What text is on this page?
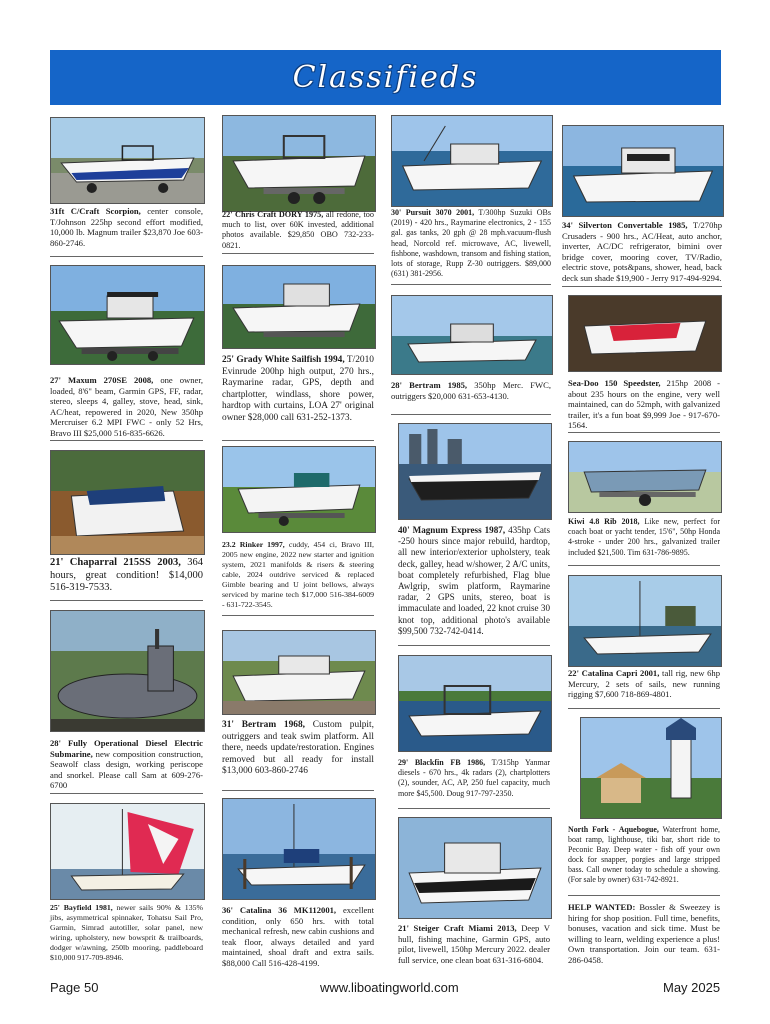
Classifieds
31ft C/Craft Scorpion, center console, T/Johnson 225hp second effort modified, 10,000 lb. Magnum trailer $23,870 Joe 603-860-2746.
27' Maxum 270SE 2008, one owner, loaded, 8'6" beam, Garmin GPS, FF, radar, stereo, sleeps 4, galley, stove, head, sink, AC/heat, repowered in 2020, New 350hp Mercruiser 6.2 MPI FWC - only 52 Hrs, Bravo III $25,000 516-835-6626.
21' Chaparral 215SS 2003, 364 hours, great condition! $14,000 516-319-7533.
28' Fully Operational Diesel Electric Submarine, new composition construction, Seawolf class design, working periscope and snorkel. Please call Sam at 609-276-6700
25' Bayfield 1981, newer sails 90% & 135% jibs, asymmetrical spinnaker, Tohatsu Sail Pro, Garmin, Simrad autotiller, solar panel, new wiring, upholstery, new bowsprit & trailboards, dodger w/awning, 250lb mooring, paddleboard $10,000 917-709-8946.
22' Chris Craft DORY 1975, all redone, too much to list, over 60K invested, additional photos available. $29,850 OBO 732-233-0821.
25' Grady White Sailfish 1994, T/2010 Evinrude 200hp high output, 270 hrs., Raymarine radar, GPS, depth and chartplotter, windlass, shore power, hardtop with curtains, LOA 27' original owner $28,000 call 631-252-1373.
23.2 Rinker 1997, cuddy, 454 ci, Bravo III, 2005 new engine, 2022 new starter and ignition system, 2021 manifolds & risers & steering cable, 2024 outdrive serviced & replaced Gimble bearing and U joint bellows, always serviced by marine tech $17,000 516-384-6009 - 631-722-3545.
31' Bertram 1968, Custom pulpit, outriggers and teak swim platform. All there, needs update/restoration. Engines removed but all ready for install $13,000 603-860-2746
36' Catalina 36 MK112001, excellent condition, only 650 hrs. with total mechanical refresh, new cabin cushions and teak floor, always detailed and yard maintained, shoal draft and extra sails. $88,000 Call 516-428-4199.
30' Pursuit 3070 2001, T/300hp Suzuki OBs (2019) - 420 hrs., Raymarine electronics, 2 - 155 gal. gas tanks, 20 gph @ 28 mph.vacuum-flush head, Norcold ref. microwave, AC, livewell, fishbone, washdown, transom and fishing station, lots of storage, Rupp Z-30 outriggers. $89,000 (631) 381-2956.
28' Bertram 1985, 350hp Merc. FWC, outriggers $20,000 631-653-4130.
40' Magnum Express 1987, 435hp Cats -250 hours since major rebuild, hardtop, all new interior/exterior upholstery, teak deck, galley, head w/shower, 2 A/C units, boat completely refurbished, Flag blue Awlgrip, swim platform, Raymarine radar, 2 GPS units, stereo, boat is immaculate and loaded, 22 knot cruise 30 knot top, additional photo's available $99,500 732-742-0414.
29' Blackfin FB 1986, T/315hp Yanmar diesels - 670 hrs., 4k radars (2), chartplotters (2), sounder, AC, AP, 250 fuel capacity, much more $45,500. Doug 917-797-2350.
21' Steiger Craft Miami 2013, Deep V hull, fishing machine, Garmin GPS, auto pilot, livewell, 150hp Mercury 2022. dealer full service, one clean boat 631-316-6804.
34' Silverton Convertable 1985, T/270hp Crusaders - 900 hrs., AC/Heat, auto anchor, inverter, AC/DC refrigerator, bimini over bridge cover, mooring cover, TV/Radio, electric stove, pots&pans, shower, head, back deck sun shade $19,900 - Jerry 917-494-9294.
Sea-Doo 150 Speedster, 215hp 2008 - about 235 hours on the engine, very well maintained, can do 52mph, with galvanized trailer, it's a fun boat $9,999 Joe - 917-670-1564.
Kiwi 4.8 Rib 2018, Like new, perfect for coach boat or yacht tender, 15'6", 50hp Honda 4-stroke - under 200 hrs., galvanized trailer included $21,500. Tim 631-786-9895.
22' Catalina Capri 2001, tall rig, new 6hp Mercury, 2 sets of sails, new running rigging $7,600 718-869-4801.
North Fork - Aquebogue, Waterfront home, boat ramp, lighthouse, tiki bar, short ride to Peconic Bay. Deep water - fish off your own dock for snapper, porgies and large stripped bass. Call owner today to schedule a showing. (For sale by owner) 631-742-8921.
HELP WANTED: Bossler & Sweezey is hiring for shop position. Full time, benefits, bonuses, vacation and sick time. Must be willing to learn, welding experience a plus! Own transportation. Join our team. 631-286-0458.
Page 50	www.liboatingworld.com	May 2025
